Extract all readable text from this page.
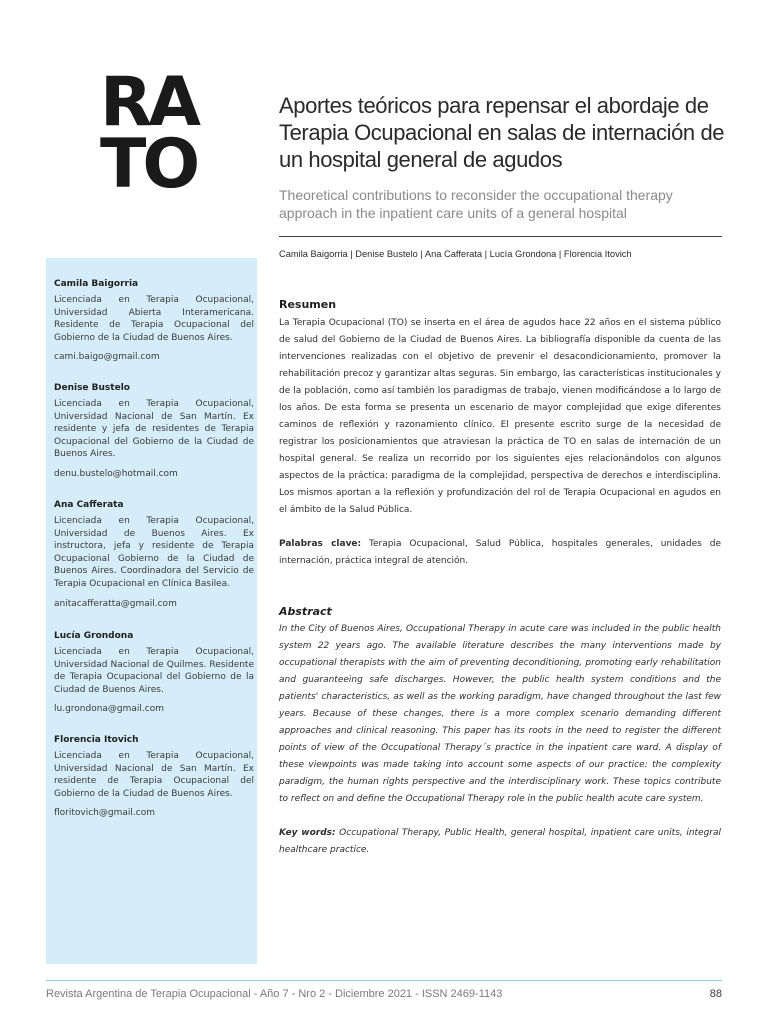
RA
TO
Aportes teóricos para repensar el abordaje de Terapia Ocupacional en salas de internación de un hospital general de agudos
Theoretical contributions to reconsider the occupational therapy approach in the inpatient care units of a general hospital
Camila Baigorria | Denise Bustelo | Ana Cafferata | Lucía Grondona | Florencia Itovich
Camila Baigorria
Licenciada en Terapia Ocupacional, Universidad Abierta Interamericana. Residente de Terapia Ocupacional del Gobierno de la Ciudad de Buenos Aires.
cami.baigo@gmail.com
Denise Bustelo
Licenciada en Terapia Ocupacional, Universidad Nacional de San Martín. Ex residente y jefa de residentes de Terapia Ocupacional del Gobierno de la Ciudad de Buenos Aires.
denu.bustelo@hotmail.com
Ana Cafferata
Licenciada en Terapia Ocupacional, Universidad de Buenos Aires. Ex instructora, jefa y residente de Terapia Ocupacional Gobierno de la Ciudad de Buenos Aires. Coordinadora del Servicio de Terapia Ocupacional en Clínica Basilea.
anitacafferatta@gmail.com
Lucía Grondona
Licenciada en Terapia Ocupacional, Universidad Nacional de Quilmes. Residente de Terapia Ocupacional del Gobierno de la Ciudad de Buenos Aires.
lu.grondona@gmail.com
Florencia Itovich
Licenciada en Terapia Ocupacional, Universidad Nacional de San Martín. Ex residente de Terapia Ocupacional del Gobierno de la Ciudad de Buenos Aires.
floritovich@gmail.com
Resumen

La Terapia Ocupacional (TO) se inserta en el área de agudos hace 22 años en el sistema público de salud del Gobierno de la Ciudad de Buenos Aires. La bibliografía disponible da cuenta de las intervenciones realizadas con el objetivo de prevenir el desacondicionamiento, promover la rehabilitación precoz y garantizar altas seguras. Sin embargo, las características institucionales y de la población, como así también los paradigmas de trabajo, vienen modificándose a lo largo de los años. De esta forma se presenta un escenario de mayor complejidad que exige diferentes caminos de reflexión y razonamiento clínico. El presente escrito surge de la necesidad de registrar los posicionamientos que atraviesan la práctica de TO en salas de internación de un hospital general. Se realiza un recorrido por los siguientes ejes relacionándolos con algunos aspectos de la práctica: paradigma de la complejidad, perspectiva de derechos e interdisciplina. Los mismos aportan a la reflexión y profundización del rol de Terapia Ocupacional en agudos en el ámbito de la Salud Pública.

Palabras clave: Terapia Ocupacional, Salud Pública, hospitales generales, unidades de internación, práctica integral de atención.

Abstract

In the City of Buenos Aires, Occupational Therapy in acute care was included in the public health system 22 years ago. The available literature describes the many interventions made by occupational therapists with the aim of preventing deconditioning, promoting early rehabilitation and guaranteeing safe discharges. However, the public health system conditions and the patients' characteristics, as well as the working paradigm, have changed throughout the last few years. Because of these changes, there is a more complex scenario demanding different approaches and clinical reasoning. This paper has its roots in the need to register the different points of view of the Occupational Therapy´s practice in the inpatient care ward. A display of these viewpoints was made taking into account some aspects of our practice: the complexity paradigm, the human rights perspective and the interdisciplinary work. These topics contribute to reflect on and define the Occupational Therapy role in the public health acute care system.

Key words: Occupational Therapy, Public Health, general hospital, inpatient care units, integral healthcare practice.

Revista Argentina de Terapia Ocupacional - Año 7 - Nro 2 - Diciembre 2021 - ISSN 2469-1143	88
